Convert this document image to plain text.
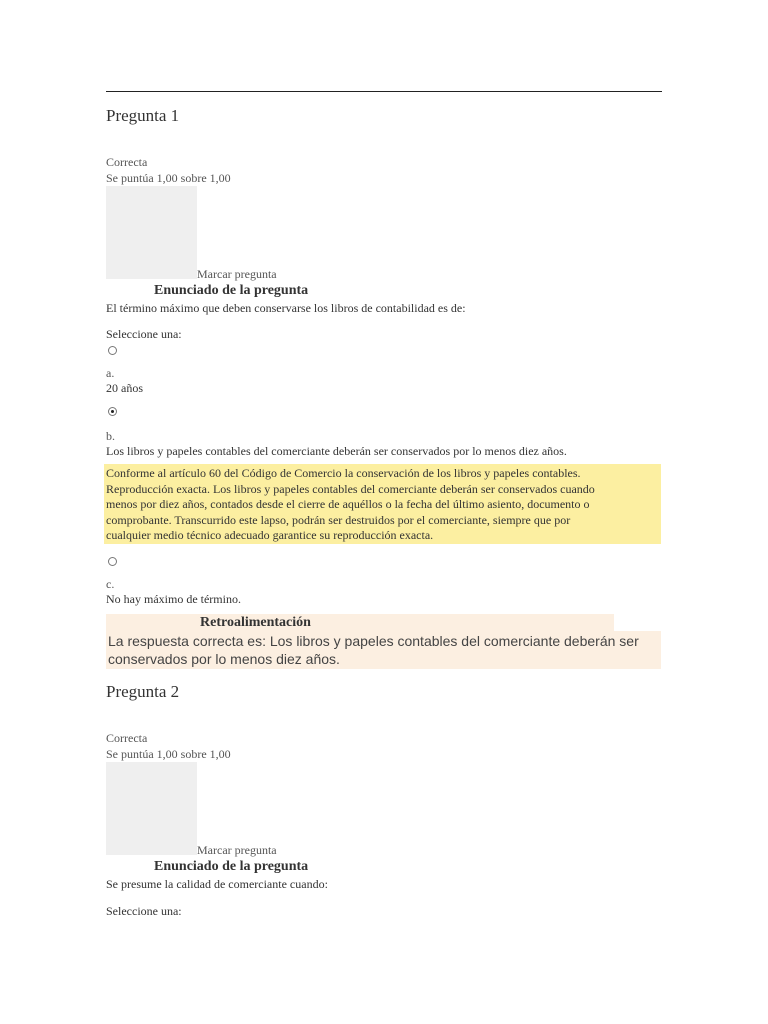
Pregunta 1
Correcta
Se puntúa 1,00 sobre 1,00
Marcar pregunta
Enunciado de la pregunta
El término máximo que deben conservarse los libros de contabilidad es de:
Seleccione una:
a.
20 años
b.
Los libros y papeles contables del comerciante deberán ser conservados por lo menos diez años.
Conforme al artículo 60 del Código de Comercio la conservación de los libros y papeles contables.
Reproducción exacta. Los libros y papeles contables del comerciante deberán ser conservados cuando
menos por diez años, contados desde el cierre de aquéllos o la fecha del último asiento, documento o
comprobante. Transcurrido este lapso, podrán ser destruidos por el comerciante, siempre que por
cualquier medio técnico adecuado garantice su reproducción exacta.
c.
No hay máximo de término.
Retroalimentación
La respuesta correcta es: Los libros y papeles contables del comerciante deberán ser
conservados por lo menos diez años.
Pregunta 2
Correcta
Se puntúa 1,00 sobre 1,00
Marcar pregunta
Enunciado de la pregunta
Se presume la calidad de comerciante cuando:
Seleccione una:
